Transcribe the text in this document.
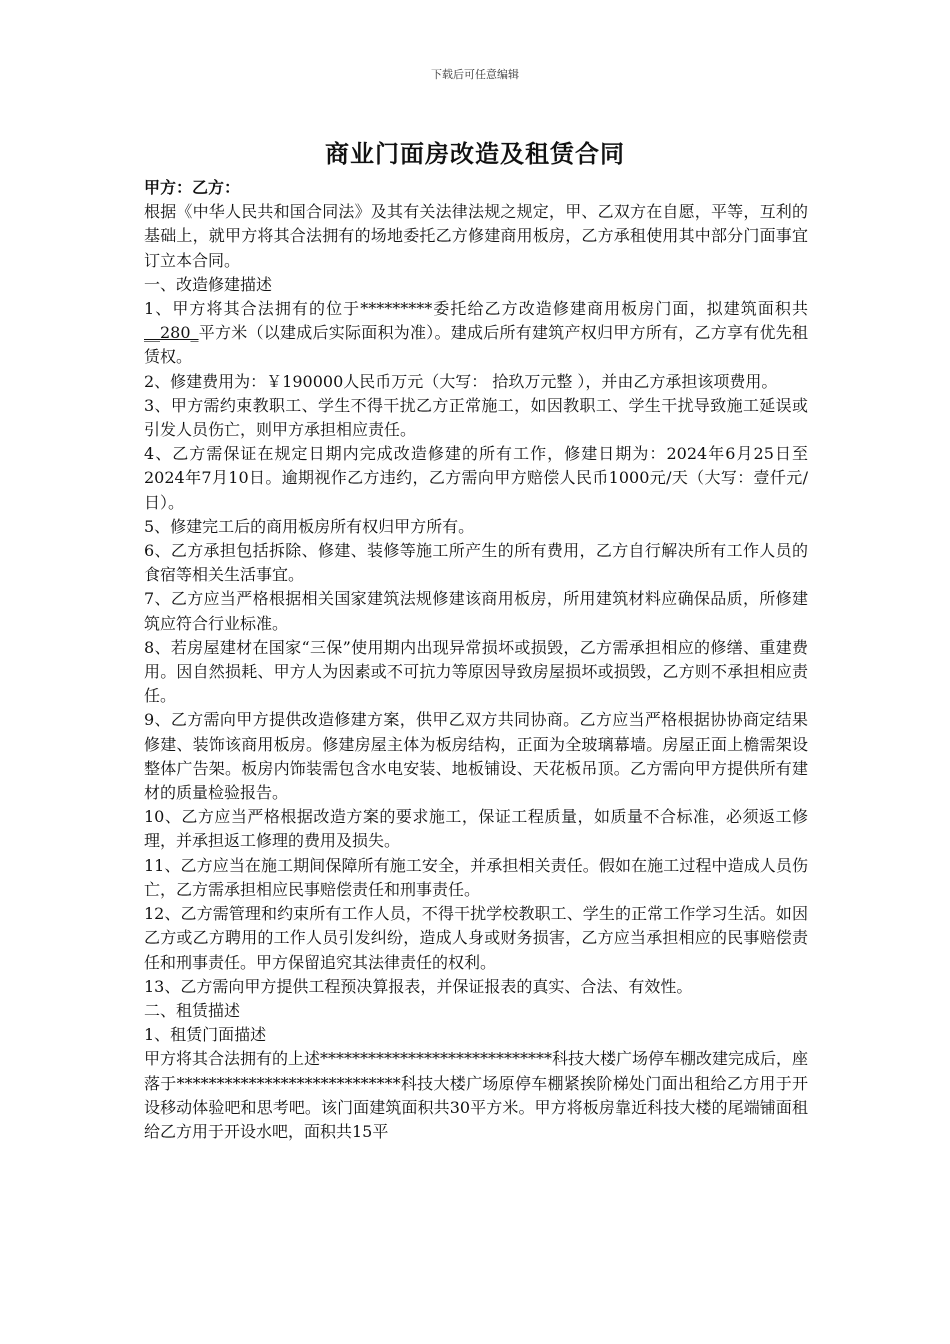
下载后可任意编辑
商业门面房改造及租赁合同

甲方：乙方：

根据《中华人民共和国合同法》及其有关法律法规之规定，甲、乙双方在自愿，平等，互利的基础上，就甲方将其合法拥有的场地委托乙方修建商用板房，乙方承租使用其中部分门面事宜订立本合同。

一、改造修建描述

1、甲方将其合法拥有的位于*********委托给乙方改造修建商用板房门面，拟建筑面积共__280_平方米（以建成后实际面积为准）。建成后所有建筑产权归甲方所有，乙方享有优先租赁权。

2、修建费用为：￥190000人民币万元（大写： 拾玖万元整 ），并由乙方承担该项费用。

3、甲方需约束教职工、学生不得干扰乙方正常施工，如因教职工、学生干扰导致施工延误或引发人员伤亡，则甲方承担相应责任。

4、乙方需保证在规定日期内完成改造修建的所有工作，修建日期为：2024年6月25日至2024年7月10日。逾期视作乙方违约，乙方需向甲方赔偿人民币1000元/天（大写：壹仟元/日）。

5、修建完工后的商用板房所有权归甲方所有。

6、乙方承担包括拆除、修建、装修等施工所产生的所有费用，乙方自行解决所有工作人员的食宿等相关生活事宜。

7、乙方应当严格根据相关国家建筑法规修建该商用板房，所用建筑材料应确保品质，所修建筑应符合行业标准。

8、若房屋建材在国家“三保”使用期内出现异常损坏或损毁，乙方需承担相应的修缮、重建费用。因自然损耗、甲方人为因素或不可抗力等原因导致房屋损坏或损毁，乙方则不承担相应责任。

9、乙方需向甲方提供改造修建方案，供甲乙双方共同协商。乙方应当严格根据协协商定结果修建、装饰该商用板房。修建房屋主体为板房结构，正面为全玻璃幕墙。房屋正面上檐需架设整体广告架。板房内饰装需包含水电安装、地板铺设、天花板吊顶。乙方需向甲方提供所有建材的质量检验报告。

10、乙方应当严格根据改造方案的要求施工，保证工程质量，如质量不合标准，必须返工修理，并承担返工修理的费用及损失。

11、乙方应当在施工期间保障所有施工安全，并承担相关责任。假如在施工过程中造成人员伤亡，乙方需承担相应民事赔偿责任和刑事责任。

12、乙方需管理和约束所有工作人员，不得干扰学校教职工、学生的正常工作学习生活。如因乙方或乙方聘用的工作人员引发纠纷，造成人身或财务损害，乙方应当承担相应的民事赔偿责任和刑事责任。甲方保留追究其法律责任的权利。

13、乙方需向甲方提供工程预决算报表，并保证报表的真实、合法、有效性。

二、租赁描述

1、租赁门面描述

甲方将其合法拥有的上述*****************************科技大楼广场停车棚改建完成后，座落于****************************科技大楼广场原停车棚紧挨阶梯处门面出租给乙方用于开设移动体验吧和思考吧。该门面建筑面积共30平方米。甲方将板房靠近科技大楼的尾端铺面租给乙方用于开设水吧，面积共15平
